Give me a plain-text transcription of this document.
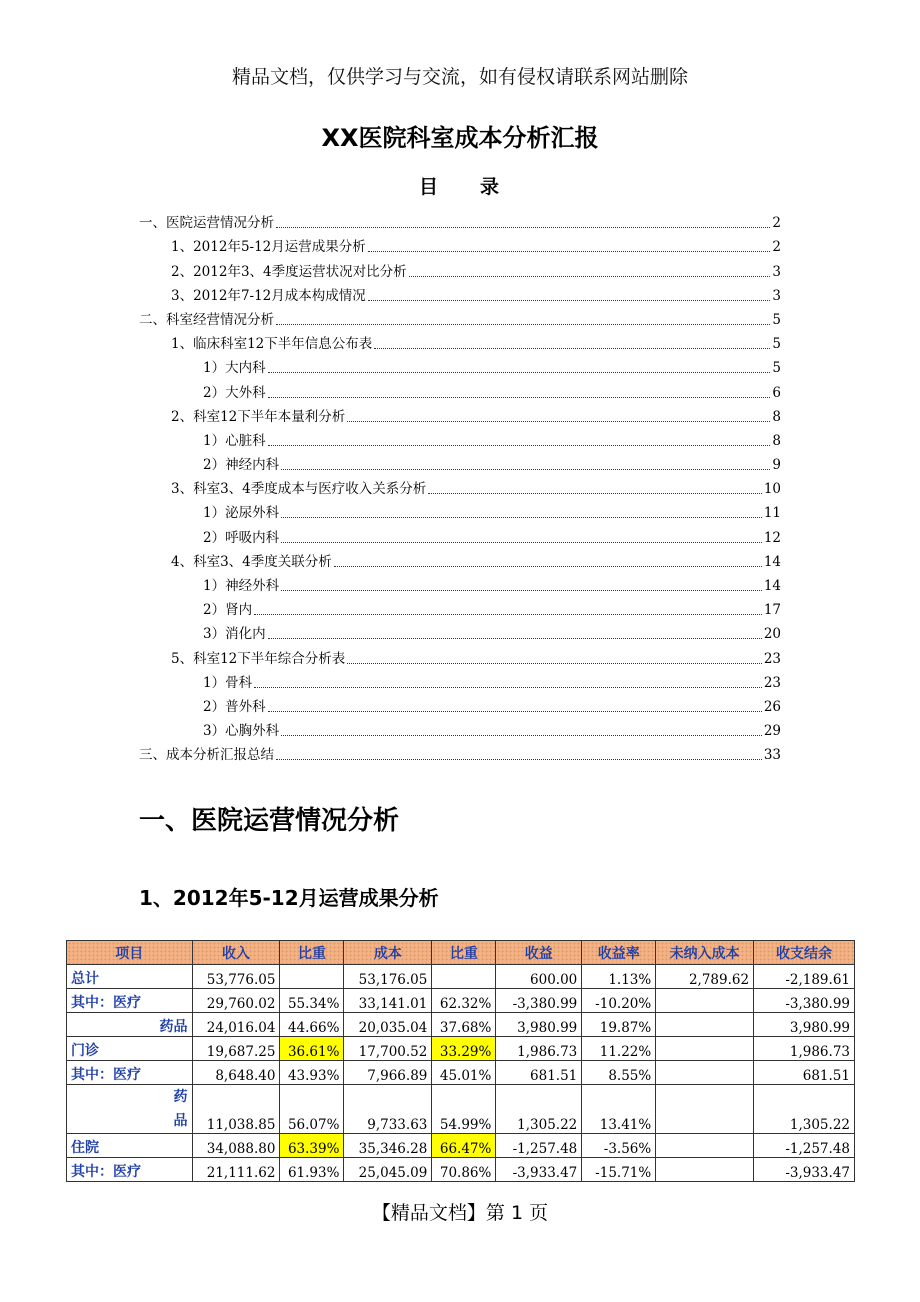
精品文档，仅供学习与交流，如有侵权请联系网站删除
XX医院科室成本分析汇报
目 录
一、医院运营情况分析	2
1、2012年5-12月运营成果分析	2
2、2012年3、4季度运营状况对比分析	3
3、2012年7-12月成本构成情况	3
二、科室经营情况分析	5
1、临床科室12下半年信息公布表	5
1）大内科	5
2）大外科	6
2、科室12下半年本量利分析	8
1）心脏科	8
2）神经内科	9
3、科室3、4季度成本与医疗收入关系分析	10
1）泌尿外科	11
2）呼吸内科	12
4、科室3、4季度关联分析	14
1）神经外科	14
2）肾内	17
3）消化内	20
5、科室12下半年综合分析表	23
1）骨科	23
2）普外科	26
3）心胸外科	29
三、成本分析汇报总结	33
一、医院运营情况分析
1、2012年5-12月运营成果分析
项目	收入	比重	成本	比重	收益	收益率	未纳入成本	收支结余
总计	53,776.05		53,176.05		600.00	1.13%	2,789.62	-2,189.61
其中：医疗	29,760.02	55.34%	33,141.01	62.32%	-3,380.99	-10.20%		-3,380.99
药品	24,016.04	44.66%	20,035.04	37.68%	3,980.99	19.87%		3,980.99
门诊	19,687.25	36.61%	17,700.52	33.29%	1,986.73	11.22%		1,986.73
其中：医疗	8,648.40	43.93%	7,966.89	45.01%	681.51	8.55%		681.51
药
品	11,038.85	56.07%	9,733.63	54.99%	1,305.22	13.41%		1,305.22
住院	34,088.80	63.39%	35,346.28	66.47%	-1,257.48	-3.56%		-1,257.48
其中：医疗	21,111.62	61.93%	25,045.09	70.86%	-3,933.47	-15.71%		-3,933.47
【精品文档】第 1 页
